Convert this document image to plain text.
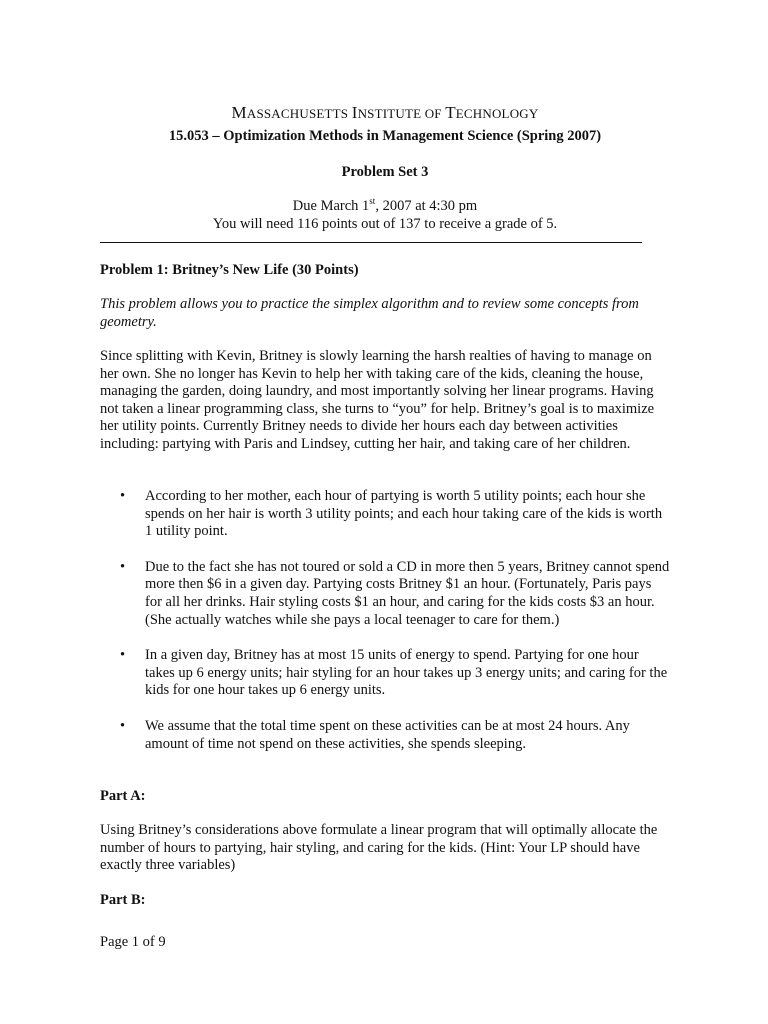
MASSACHUSETTS INSTITUTE OF TECHNOLOGY
15.053 – Optimization Methods in Management Science (Spring 2007)
Problem Set 3
Due March 1st, 2007 at 4:30 pm
You will need 116 points out of 137 to receive a grade of 5.
Problem 1: Britney’s New Life (30 Points)
This problem allows you to practice the simplex algorithm and to review some concepts from geometry.
Since splitting with Kevin, Britney is slowly learning the harsh realties of having to manage on her own. She no longer has Kevin to help her with taking care of the kids, cleaning the house, managing the garden, doing laundry, and most importantly solving her linear programs. Having not taken a linear programming class, she turns to “you” for help. Britney’s goal is to maximize her utility points. Currently Britney needs to divide her hours each day between activities including: partying with Paris and Lindsey, cutting her hair, and taking care of her children.
• According to her mother, each hour of partying is worth 5 utility points; each hour she spends on her hair is worth 3 utility points; and each hour taking care of the kids is worth 1 utility point.
• Due to the fact she has not toured or sold a CD in more then 5 years, Britney cannot spend more then $6 in a given day. Partying costs Britney $1 an hour. (Fortunately, Paris pays for all her drinks. Hair styling costs $1 an hour, and caring for the kids costs $3 an hour. (She actually watches while she pays a local teenager to care for them.)
• In a given day, Britney has at most 15 units of energy to spend. Partying for one hour takes up 6 energy units; hair styling for an hour takes up 3 energy units; and caring for the kids for one hour takes up 6 energy units.
• We assume that the total time spent on these activities can be at most 24 hours. Any amount of time not spend on these activities, she spends sleeping.
Part A:
Using Britney’s considerations above formulate a linear program that will optimally allocate the number of hours to partying, hair styling, and caring for the kids. (Hint: Your LP should have exactly three variables)
Part B:
Page 1 of 9
